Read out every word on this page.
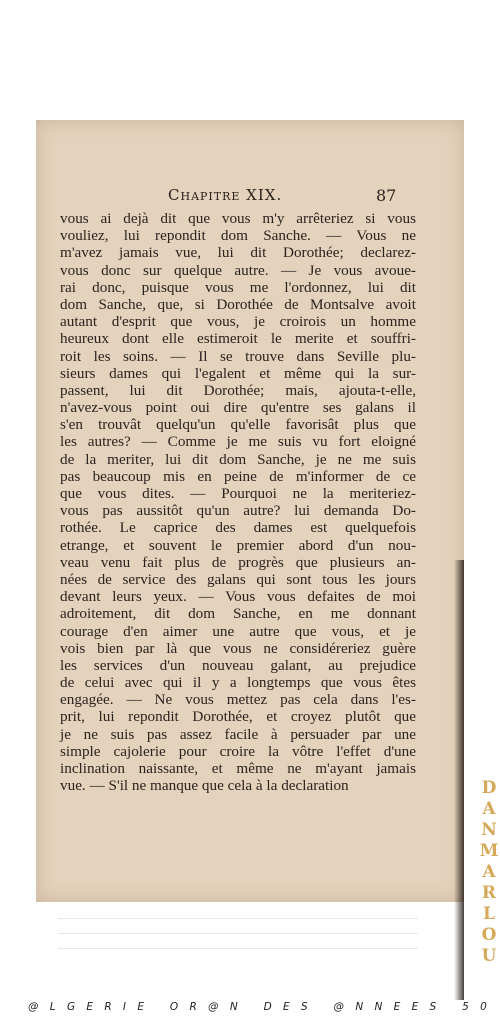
Chapitre XIX.	87
vous ai dejà dit que vous m'y arrêteriez si vous
vouliez, lui repondit dom Sanche. — Vous ne
m'avez jamais vue, lui dit Dorothée; declarez-
vous donc sur quelque autre. — Je vous avoue-
rai donc, puisque vous me l'ordonnez, lui dit
dom Sanche, que, si Dorothée de Montsalve avoit
autant d'esprit que vous, je croirois un homme
heureux dont elle estimeroit le merite et souffri-
roit les soins. — Il se trouve dans Seville plu-
sieurs dames qui l'egalent et même qui la sur-
passent, lui dit Dorothée; mais, ajouta-t-elle,
n'avez-vous point oui dire qu'entre ses galans il
s'en trouvât quelqu'un qu'elle favorisât plus que
les autres? — Comme je me suis vu fort eloigné
de la meriter, lui dit dom Sanche, je ne me suis
pas beaucoup mis en peine de m'informer de ce
que vous dites. — Pourquoi ne la meriteriez-
vous pas aussitôt qu'un autre? lui demanda Do-
rothée. Le caprice des dames est quelquefois
etrange, et souvent le premier abord d'un nou-
veau venu fait plus de progrès que plusieurs an-
nées de service des galans qui sont tous les jours
devant leurs yeux. — Vous vous defaites de moi
adroitement, dit dom Sanche, en me donnant
courage d'en aimer une autre que vous, et je
vois bien par là que vous ne considéreriez guère
les services d'un nouveau galant, au prejudice
de celui avec qui il y a longtemps que vous êtes
engagée. — Ne vous mettez pas cela dans l'es-
prit, lui repondit Dorothée, et croyez plutôt que
je ne suis pas assez facile à persuader par une
simple cajolerie pour croire la vôtre l'effet d'une
inclination naissante, et même ne m'ayant jamais
vue. — S'il ne manque que cela à la declaration	D
A
N
M
A
R
L
O
U
@LGERIE OR@N DES @NNEES 50
